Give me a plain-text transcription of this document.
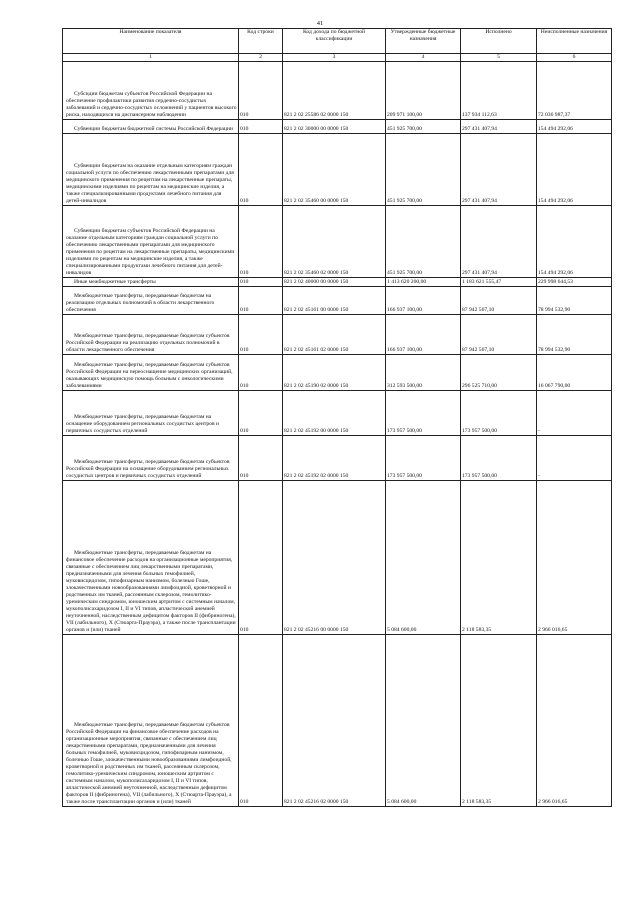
41
Наименование показателя	Код строки	Код дохода по бюджетной классификации	Утвержденные бюджетные назначения	Исполнено	Неисполненные назначения
1	2	3	4	5	6
Субсидии бюджетам субъектов Российской Федерации на обеспечение профилактики развития сердечно-сосудистых заболеваний и сердечно-сосудистых осложнений у пациентов высокого риска, находящихся на диспансерном наблюдении	010	821 2 02 25586 02 0000 150	209 971 100,00	137 934 112,63	72 036 987,37
Субвенции бюджетам бюджетной системы Российской Федерации	010	821 2 02 30000 00 0000 150	451 925 700,00	297 431 407,94	154 494 292,06
Субвенции бюджетам на оказание отдельным категориям граждан социальной услуги по обеспечению лекарственными препаратами для медицинского применения по рецептам на лекарственные препараты, медицинскими изделиями по рецептам на медицинские изделия, а также специализированными продуктами лечебного питания для детей-инвалидов	010	821 2 02 35460 00 0000 150	451 925 700,00	297 431 407,94	154 494 292,06
Субвенции бюджетам субъектов Российской Федерации на оказание отдельным категориям граждан социальной услуги по обеспечению лекарственными препаратами для медицинского применения по рецептам на лекарственные препараты, медицинскими изделиями по рецептам на медицинские изделия, а также специализированными продуктами лечебного питания для детей-инвалидов	010	821 2 02 35460 02 0000 150	451 925 700,00	297 431 407,94	154 494 292,06
Иные межбюджетные трансферты	010	821 2 02 40000 00 0000 150	1 413 620 200,00	1 183 621 555,47	229 998 644,53
Межбюджетные трансферты, передаваемые бюджетам на реализацию отдельных полномочий в области лекарственного обеспечения	010	821 2 02 45161 00 0000 150	166 937 100,00	87 942 567,10	78 994 532,90
Межбюджетные трансферты, передаваемые бюджетам субъектов Российской Федерации на реализацию отдельных полномочий в области лекарственного обеспечения	010	821 2 02 45161 02 0000 150	166 937 100,00	87 942 567,10	78 994 532,90
Межбюджетные трансферты, передаваемые бюджетам субъектов Российской Федерации на переоснащение медицинских организаций, оказывающих медицинскую помощь больным с онкологическими заболеваниями	010	821 2 02 45190 02 0000 150	312 593 500,00	296 525 710,00	16 067 790,00
Межбюджетные трансферты, передаваемые бюджетам на оснащение оборудованием региональных сосудистых центров и первичных сосудистых отделений	010	821 2 02 45192 00 0000 150	173 957 500,00	173 957 500,00	-
Межбюджетные трансферты, передаваемые бюджетам субъектов Российской Федерации на оснащение оборудованием региональных сосудистых центров и первичных сосудистых отделений	010	821 2 02 45192 02 0000 150	173 957 500,00	173 957 500,00	-
Межбюджетные трансферты, передаваемые бюджетам на финансовое обеспечение расходов на организационные мероприятия, связанные с обеспечением лиц лекарственными препаратами, предназначенными для лечения больных гемофилией, муковисцидозом, гипофизарным нанизмом, болезнью Гоше, злокачественными новообразованиями лимфоидной, кроветворной и родственных им тканей, рассеянным склерозом, гемолитико-уремическим синдромом, юношеским артритом с системным началом, мукополисахаридозом I, II и VI типов, апластической анемией неуточненной, наследственным дефицитом факторов II (фибриногена), VII (лабильного), X (Стюарта-Прауэра), а также после трансплантации органов и (или) тканей	010	821 2 02 45216 00 0000 150	5 084 600,00	2 118 583,35	2 966 016,65
Межбюджетные трансферты, передаваемые бюджетам субъектов Российской Федерации на финансовое обеспечение расходов на организационные мероприятия, связанные с обеспечением лиц лекарственными препаратами, предназначенными для лечения больных гемофилией, муковисцидозом, гипофизарным нанизмом, болезнью Гоше, злокачественными новообразованиями лимфоидной, кроветворной и родственных им тканей, рассеянным склерозом, гемолитико-уремическим синдромом, юношеским артритом с системным началом, мукополисахаридозом I, II и VI типов, апластической анемией неуточненной, наследственным дефицитом факторов II (фибриногена), VII (лабильного), X (Стюарта-Прауэра), а также после трансплантации органов и (или) тканей	010	821 2 02 45216 02 0000 150	5 084 600,00	2 118 583,35	2 966 016,65
